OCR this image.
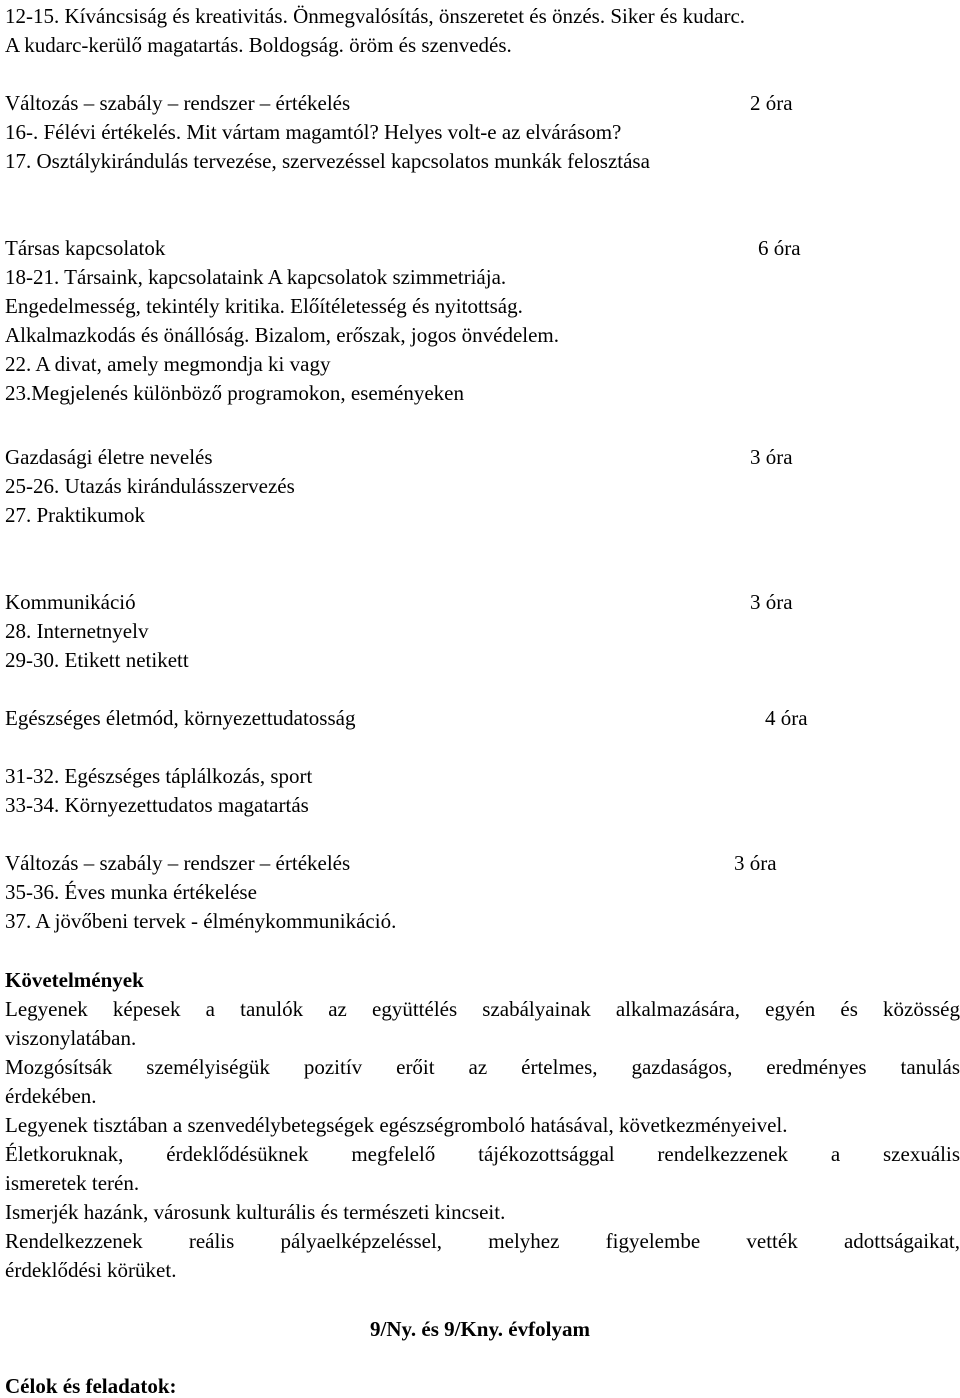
12-15. Kíváncsiság és kreativitás. Önmegvalósítás, önszeretet és önzés. Siker és kudarc.
A kudarc-kerülő magatartás. Boldogság. öröm és szenvedés.
Változás – szabály – rendszer – értékelés	2 óra
16-. Félévi értékelés. Mit vártam magamtól? Helyes volt-e az elvárásom?
17. Osztálykirándulás tervezése, szervezéssel kapcsolatos munkák felosztása
Társas kapcsolatok	6 óra
18-21. Társaink, kapcsolataink A kapcsolatok szimmetriája.
Engedelmesség, tekintély kritika. Előítéletesség és nyitottság.
Alkalmazkodás és önállóság. Bizalom, erőszak, jogos önvédelem.
22. A divat, amely megmondja ki vagy
23.Megjelenés különböző programokon, eseményeken
Gazdasági életre nevelés	3 óra
25-26. Utazás kirándulásszervezés
27. Praktikumok
Kommunikáció	3 óra
28. Internetnyelv
29-30. Etikett netikett
Egészséges életmód, környezettudatosság	4 óra
31-32. Egészséges táplálkozás, sport
33-34. Környezettudatos magatartás
Változás – szabály – rendszer – értékelés	3 óra
35-36. Éves munka értékelése
37. A jövőbeni tervek - élménykommunikáció.
Követelmények
Legyenek képesek a tanulók az együttélés szabályainak alkalmazására, egyén és közösség
viszonylatában.
Mozgósítsák személyiségük pozitív erőit az értelmes, gazdaságos, eredményes tanulás
érdekében.
Legyenek tisztában a szenvedélybetegségek egészségromboló hatásával, következményeivel.
Életkoruknak, érdeklődésüknek megfelelő tájékozottsággal rendelkezzenek a szexuális
ismeretek terén.
Ismerjék hazánk, városunk kulturális és természeti kincseit.
Rendelkezzenek reális pályaelképzeléssel, melyhez figyelembe vették adottságaikat,
érdeklődési körüket.
9/Ny. és 9/Kny. évfolyam
Célok és feladatok:
